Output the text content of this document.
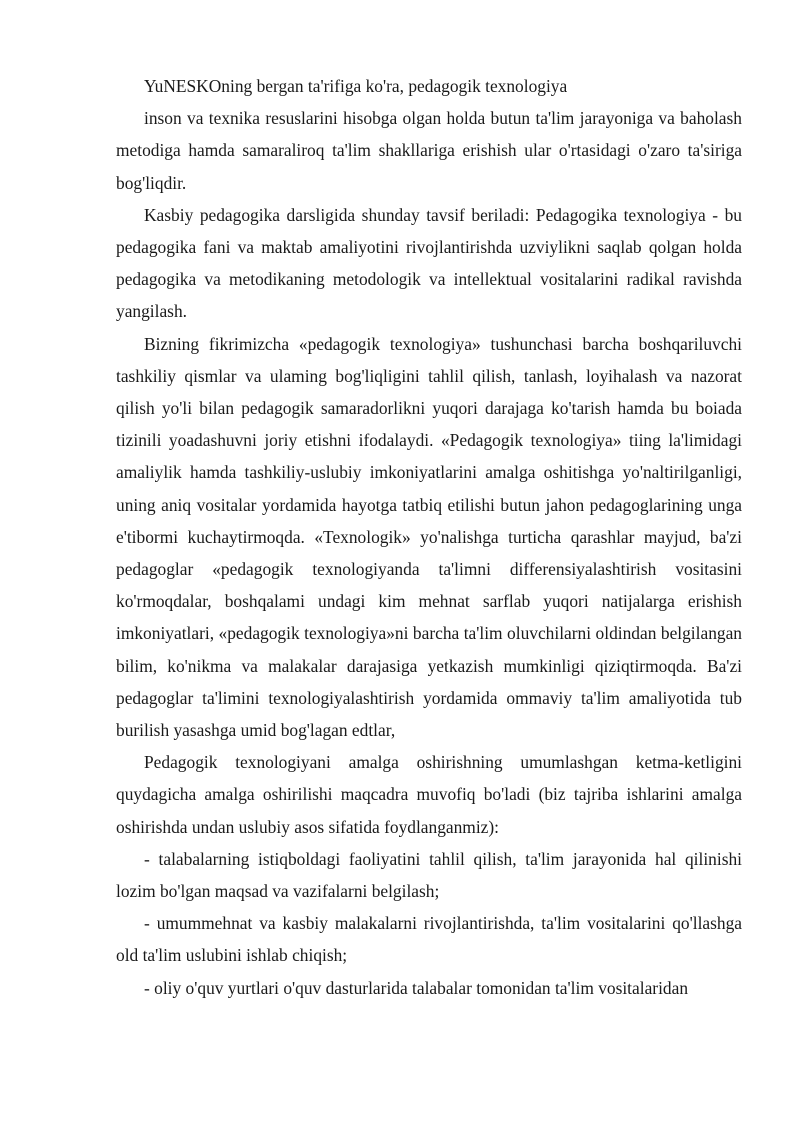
YuNESKOning bergan ta'rifiga ko'ra, pedagogik texnologiya

inson va texnika resuslarini hisobga olgan holda butun ta'lim jarayoniga va baholash metodiga hamda samaraliroq ta'lim shakllariga erishish ular o'rtasidagi o'zaro ta'siriga bog'liqdir.

Kasbiy pedagogika darsligida shunday tavsif beriladi: Pedagogika texnologiya - bu pedagogika fani va maktab amaliyotini rivojlantirishda uzviylikni saqlab qolgan holda pedagogika va metodikaning metodologik va intellektual vositalarini radikal ravishda yangilash.

Bizning fikrimizcha «pedagogik texnologiya» tushunchasi barcha boshqariluvchi tashkiliy qismlar va ulaming bog'liqligini tahlil qilish, tanlash, loyihalash va nazorat qilish yo'li bilan pedagogik samaradorlikni yuqori darajaga ko'tarish hamda bu boiada tizinili yoadashuvni joriy etishni ifodalaydi. «Pedagogik texnologiya» tiing la'limidagi amaliylik hamda tashkiliy-uslubiy imkoniyatlarini amalga oshitishga yo'naltirilganligi, uning aniq vositalar yordamida hayotga tatbiq etilishi butun jahon pedagoglarining unga e'tibormi kuchaytirmoqda. «Texnologik» yo'nalishga turticha qarashlar mayjud, ba'zi pedagoglar «pedagogik texnologiyanda ta'limni differensiyalashtirish vositasini ko'rmoqdalar, boshqalami undagi kim mehnat sarflab yuqori natijalarga erishish imkoniyatlari, «pedagogik texnologiya»ni barcha ta'lim oluvchilarni oldindan belgilangan bilim, ko'nikma va malakalar darajasiga yetkazish mumkinligi qiziqtirmoqda. Ba'zi pedagoglar ta'limini texnologiyalashtirish yordamida ommaviy ta'lim amaliyotida tub burilish yasashga umid bog'lagan edtlar,

Pedagogik texnologiyani amalga oshirishning umumlashgan ketma-ketligini quydagicha amalga oshirilishi maqcadra muvofiq bo'ladi (biz tajriba ishlarini amalga oshirishda undan uslubiy asos sifatida foydlanganmiz):

- talabalarning istiqboldagi faoliyatini tahlil qilish, ta'lim jarayonida hal qilinishi lozim bo'lgan maqsad va vazifalarni belgilash;

- umummehnat va kasbiy malakalarni rivojlantirishda, ta'lim vositalarini qo'llashga old ta'lim uslubini ishlab chiqish;

- oliy o'quv yurtlari o'quv dasturlarida talabalar tomonidan ta'lim vositalaridan
